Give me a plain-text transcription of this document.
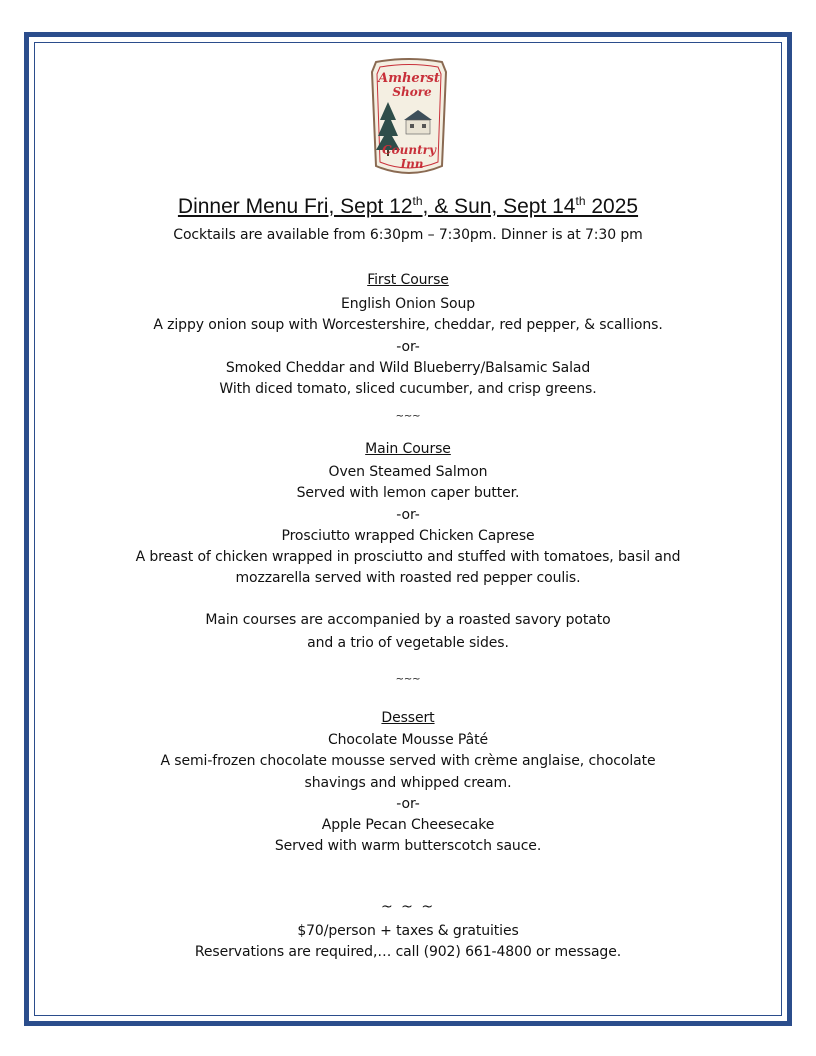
Amherst
Shore
Country
Inn
Dinner Menu Fri, Sept 12th, & Sun, Sept 14th 2025
Cocktails are available from 6:30pm – 7:30pm. Dinner is at 7:30 pm
First Course
English Onion Soup
A zippy onion soup with Worcestershire, cheddar, red pepper, & scallions.
-or-
Smoked Cheddar and Wild Blueberry/Balsamic Salad
With diced tomato, sliced cucumber, and crisp greens.
~~~
Main Course
Oven Steamed Salmon
Served with lemon caper butter.
-or-
Prosciutto wrapped Chicken Caprese
A breast of chicken wrapped in prosciutto and stuffed with tomatoes, basil and
mozzarella served with roasted red pepper coulis.
Main courses are accompanied by a roasted savory potato
and a trio of vegetable sides.
~~~
Dessert
Chocolate Mousse Pâté
A semi-frozen chocolate mousse served with crème anglaise, chocolate
shavings and whipped cream.
-or-
Apple Pecan Cheesecake
Served with warm butterscotch sauce.
~ ~ ~
$70/person + taxes & gratuities
Reservations are required,… call (902) 661-4800 or message.
